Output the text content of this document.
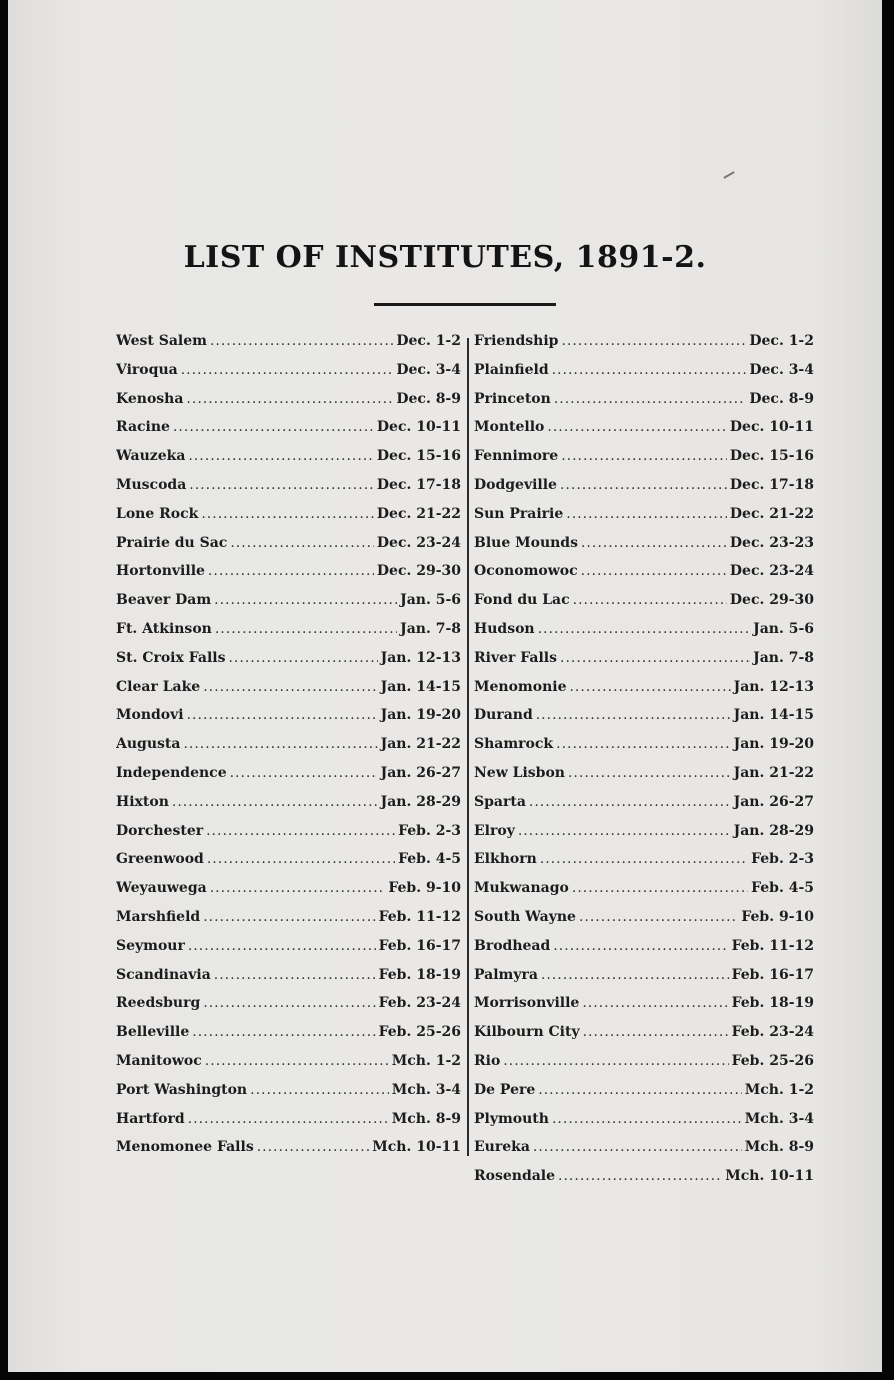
LIST OF INSTITUTES, 1891-2.
West Salem .....	Dec. 1-2
Viroqua .....	Dec. 3-4
Kenosha .....	Dec. 8-9
Racine .....	Dec. 10-11
Wauzeka .....	Dec. 15-16
Muscoda .....	Dec. 17-18
Lone Rock .....	Dec. 21-22
Prairie du Sac .....	Dec. 23-24
Hortonville .....	Dec. 29-30
Beaver Dam .....	Jan. 5-6
Ft. Atkinson .....	Jan. 7-8
St. Croix Falls .....	Jan. 12-13
Clear Lake .....	Jan. 14-15
Mondovi .....	Jan. 19-20
Augusta .....	Jan. 21-22
Independence .....	Jan. 26-27
Hixton .....	Jan. 28-29
Dorchester .....	Feb. 2-3
Greenwood .....	Feb. 4-5
Weyauwega .....	Feb. 9-10
Marshfield .....	Feb. 11-12
Seymour .....	Feb. 16-17
Scandinavia .....	Feb. 18-19
Reedsburg .....	Feb. 23-24
Belleville .....	Feb. 25-26
Manitowoc .....	Mch. 1-2
Port Washington .....	Mch. 3-4
Hartford .....	Mch. 8-9
Menomonee Falls .....	Mch. 10-11
Friendship .....	Dec. 1-2
Plainfield .....	Dec. 3-4
Princeton .....	Dec. 8-9
Montello .....	Dec. 10-11
Fennimore .....	Dec. 15-16
Dodgeville .....	Dec. 17-18
Sun Prairie .....	Dec. 21-22
Blue Mounds .....	Dec. 23-23
Oconomowoc .....	Dec. 23-24
Fond du Lac .....	Dec. 29-30
Hudson .....	Jan. 5-6
River Falls .....	Jan. 7-8
Menomonie .....	Jan. 12-13
Durand .....	Jan. 14-15
Shamrock .....	Jan. 19-20
New Lisbon .....	Jan. 21-22
Sparta .....	Jan. 26-27
Elroy .....	Jan. 28-29
Elkhorn .....	Feb. 2-3
Mukwanago .....	Feb. 4-5
South Wayne .....	Feb. 9-10
Brodhead .....	Feb. 11-12
Palmyra .....	Feb. 16-17
Morrisonville .....	Feb. 18-19
Kilbourn City .....	Feb. 23-24
Rio .....	Feb. 25-26
De Pere .....	Mch. 1-2
Plymouth .....	Mch. 3-4
Eureka .....	Mch. 8-9
Rosendale .....	Mch. 10-11
